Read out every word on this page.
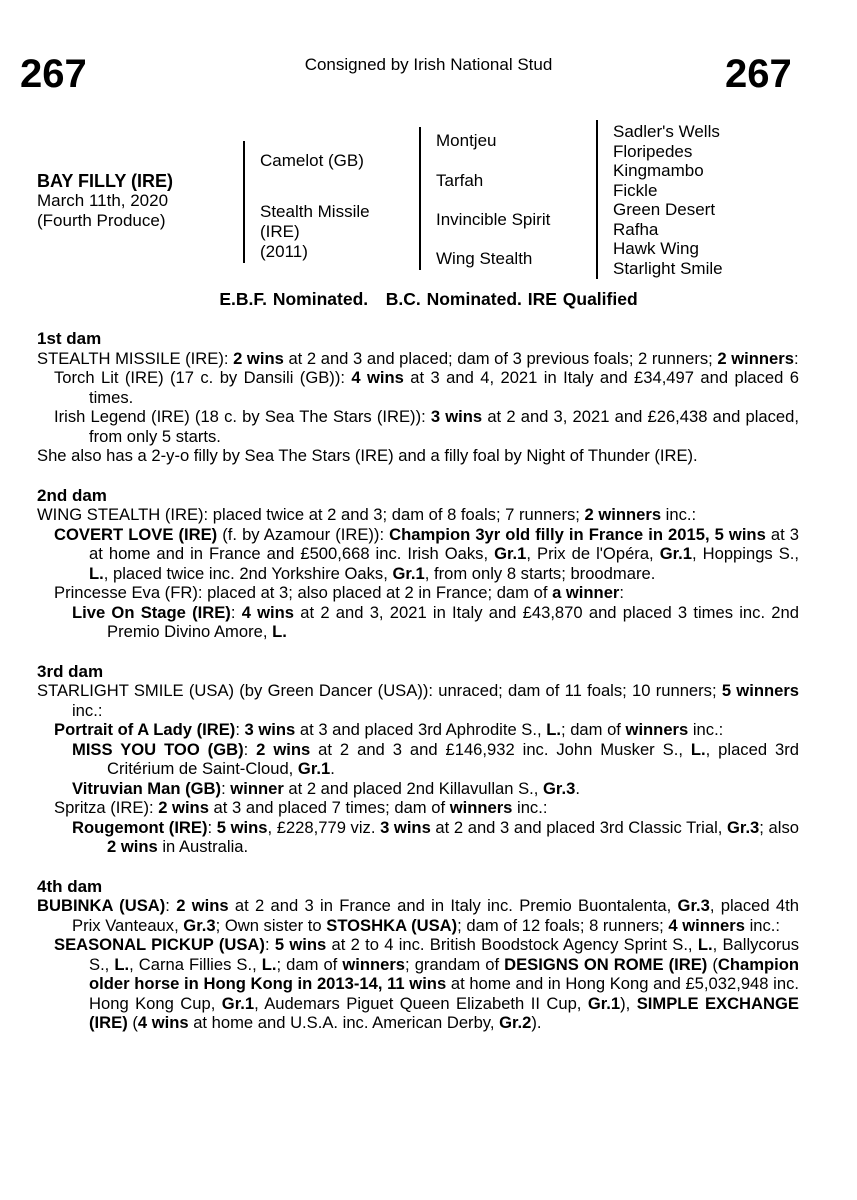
267	Consigned by Irish National Stud	267
BAY FILLY (IRE)
March 11th, 2020
(Fourth Produce)
Camelot (GB)
Stealth Missile
(IRE)
(2011)
Montjeu
Tarfah
Invincible Spirit
Wing Stealth
Sadler's Wells
Floripedes
Kingmambo
Fickle
Green Desert
Rafha
Hawk Wing
Starlight Smile
E.B.F. Nominated.   B.C. Nominated. IRE Qualified
1st dam

STEALTH MISSILE (IRE): 2 wins at 2 and 3 and placed; dam of 3 previous foals; 2 runners; 2 winners:

Torch Lit (IRE) (17 c. by Dansili (GB)): 4 wins at 3 and 4, 2021 in Italy and £34,497 and placed 6 times.

Irish Legend (IRE) (18 c. by Sea The Stars (IRE)): 3 wins at 2 and 3, 2021 and £26,438 and placed, from only 5 starts.

She also has a 2-y-o filly by Sea The Stars (IRE) and a filly foal by Night of Thunder (IRE).

2nd dam

WING STEALTH (IRE): placed twice at 2 and 3; dam of 8 foals; 7 runners; 2 winners inc.:

COVERT LOVE (IRE) (f. by Azamour (IRE)): Champion 3yr old filly in France in 2015, 5 wins at 3 at home and in France and £500,668 inc. Irish Oaks, Gr.1, Prix de l'Opéra, Gr.1, Hoppings S., L., placed twice inc. 2nd Yorkshire Oaks, Gr.1, from only 8 starts; broodmare.

Princesse Eva (FR): placed at 3; also placed at 2 in France; dam of a winner:

Live On Stage (IRE): 4 wins at 2 and 3, 2021 in Italy and £43,870 and placed 3 times inc. 2nd Premio Divino Amore, L.

3rd dam

STARLIGHT SMILE (USA) (by Green Dancer (USA)): unraced; dam of 11 foals; 10 runners; 5 winners inc.:

Portrait of A Lady (IRE): 3 wins at 3 and placed 3rd Aphrodite S., L.; dam of winners inc.:

MISS YOU TOO (GB): 2 wins at 2 and 3 and £146,932 inc. John Musker S., L., placed 3rd Critérium de Saint-Cloud, Gr.1.

Vitruvian Man (GB): winner at 2 and placed 2nd Killavullan S., Gr.3.

Spritza (IRE): 2 wins at 3 and placed 7 times; dam of winners inc.:

Rougemont (IRE): 5 wins, £228,779 viz. 3 wins at 2 and 3 and placed 3rd Classic Trial, Gr.3; also 2 wins in Australia.

4th dam

BUBINKA (USA): 2 wins at 2 and 3 in France and in Italy inc. Premio Buontalenta, Gr.3, placed 4th Prix Vanteaux, Gr.3; Own sister to STOSHKA (USA); dam of 12 foals; 8 runners; 4 winners inc.:

SEASONAL PICKUP (USA): 5 wins at 2 to 4 inc. British Boodstock Agency Sprint S., L., Ballycorus S., L., Carna Fillies S., L.; dam of winners; grandam of DESIGNS ON ROME (IRE) (Champion older horse in Hong Kong in 2013-14, 11 wins at home and in Hong Kong and £5,032,948 inc. Hong Kong Cup, Gr.1, Audemars Piguet Queen Elizabeth II Cup, Gr.1), SIMPLE EXCHANGE (IRE) (4 wins at home and U.S.A. inc. American Derby, Gr.2).
